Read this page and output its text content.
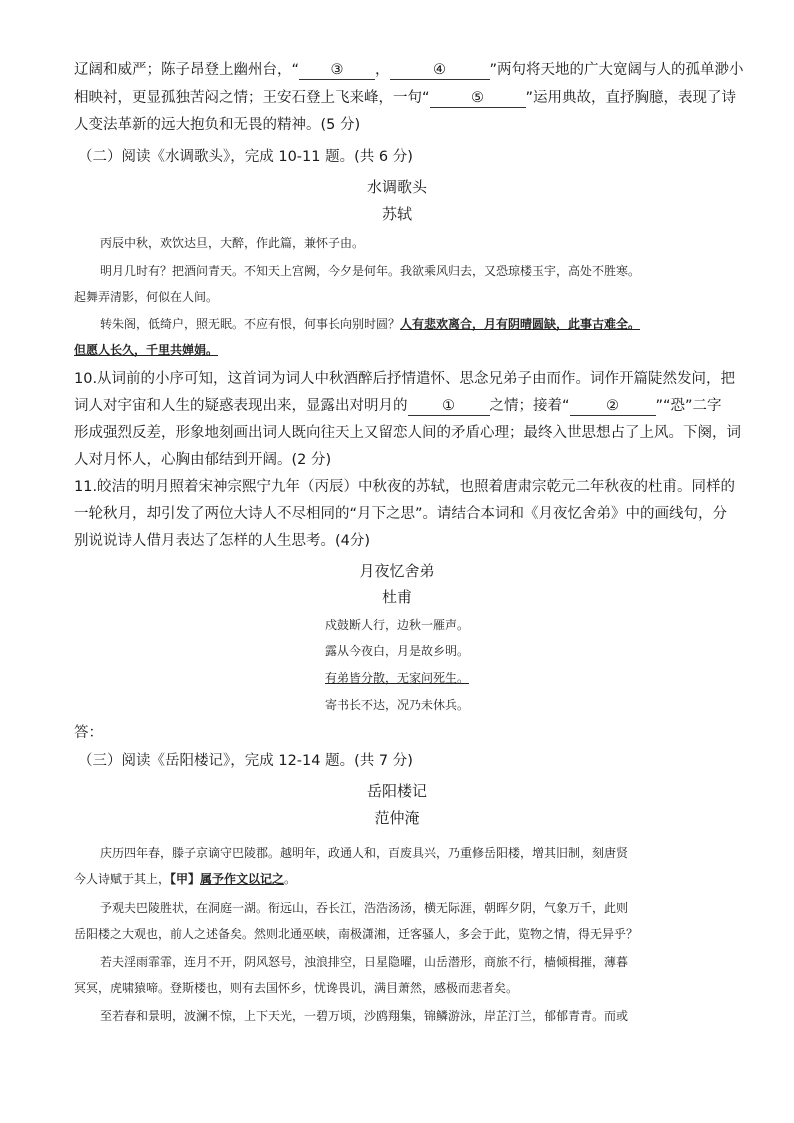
辽阔和威严；陈子昂登上幽州台，“ ③ ，	④	”两句将天地的广大宽阔与人的孤单渺小
相映衬，更显孤独苦闷之情；王安石登上飞来峰，一句“	⑤	”运用典故，直抒胸臆，表现了诗
人变法革新的远大抱负和无畏的精神。(5 分)
（二）阅读《水调歌头》，完成 10-11 题。(共 6 分)
水调歌头
苏轼
丙辰中秋，欢饮达旦，大醉，作此篇，兼怀子由。
明月几时有？把酒问青天。不知天上宫阙，今夕是何年。我欲乘风归去，又恐琼楼玉宇，高处不胜寒。
起舞弄清影，何似在人间。
转朱阁，低绮户，照无眠。不应有恨，何事长向别时圆？人有悲欢离合，月有阴晴圆缺，此事古难全。
但愿人长久，千里共婵娟。
10.从词前的小序可知，这首词为词人中秋酒醉后抒情遣怀、思念兄弟子由而作。词作开篇陡然发问，把
词人对宇宙和人生的疑惑表现出来，显露出对明月的 ① 之情；接着“	②	”“恐”二字
形成强烈反差，形象地刻画出词人既向往天上又留恋人间的矛盾心理；最终入世思想占了上风。下阕，词
人对月怀人，心胸由郁结到开阔。(2 分)
11.皎洁的明月照着宋神宗熙宁九年（丙辰）中秋夜的苏轼，也照着唐肃宗乾元二年秋夜的杜甫。同样的
一轮秋月，却引发了两位大诗人不尽相同的“月下之思”。请结合本词和《月夜忆舍弟》中的画线句，分
别说说诗人借月表达了怎样的人生思考。(4分)
月夜忆舍弟
杜甫
戍鼓断人行，边秋一雁声。
露从今夜白，月是故乡明。
有弟皆分散，无家问死生。
寄书长不达，况乃未休兵。
答：
（三）阅读《岳阳楼记》，完成 12-14 题。(共 7 分)
岳阳楼记
范仲淹
庆历四年春，滕子京谪守巴陵郡。越明年，政通人和，百废具兴，乃重修岳阳楼，增其旧制，刻唐贤
今人诗赋于其上，【甲】属予作文以记之。
予观夫巴陵胜状，在洞庭一湖。衔远山，吞长江，浩浩汤汤，横无际涯，朝晖夕阴，气象万千，此则
岳阳楼之大观也，前人之述备矣。然则北通巫峡，南极潇湘，迁客骚人，多会于此，览物之情，得无异乎？
若夫淫雨霏霏，连月不开，阴风怒号，浊浪排空，日星隐曜，山岳潜形，商旅不行，樯倾楫摧，薄暮
冥冥，虎啸猿啼。登斯楼也，则有去国怀乡，忧谗畏讥，满目萧然，感极而悲者矣。
至若春和景明，波澜不惊，上下天光，一碧万顷，沙鸥翔集，锦鳞游泳，岸芷汀兰，郁郁青青。而或
